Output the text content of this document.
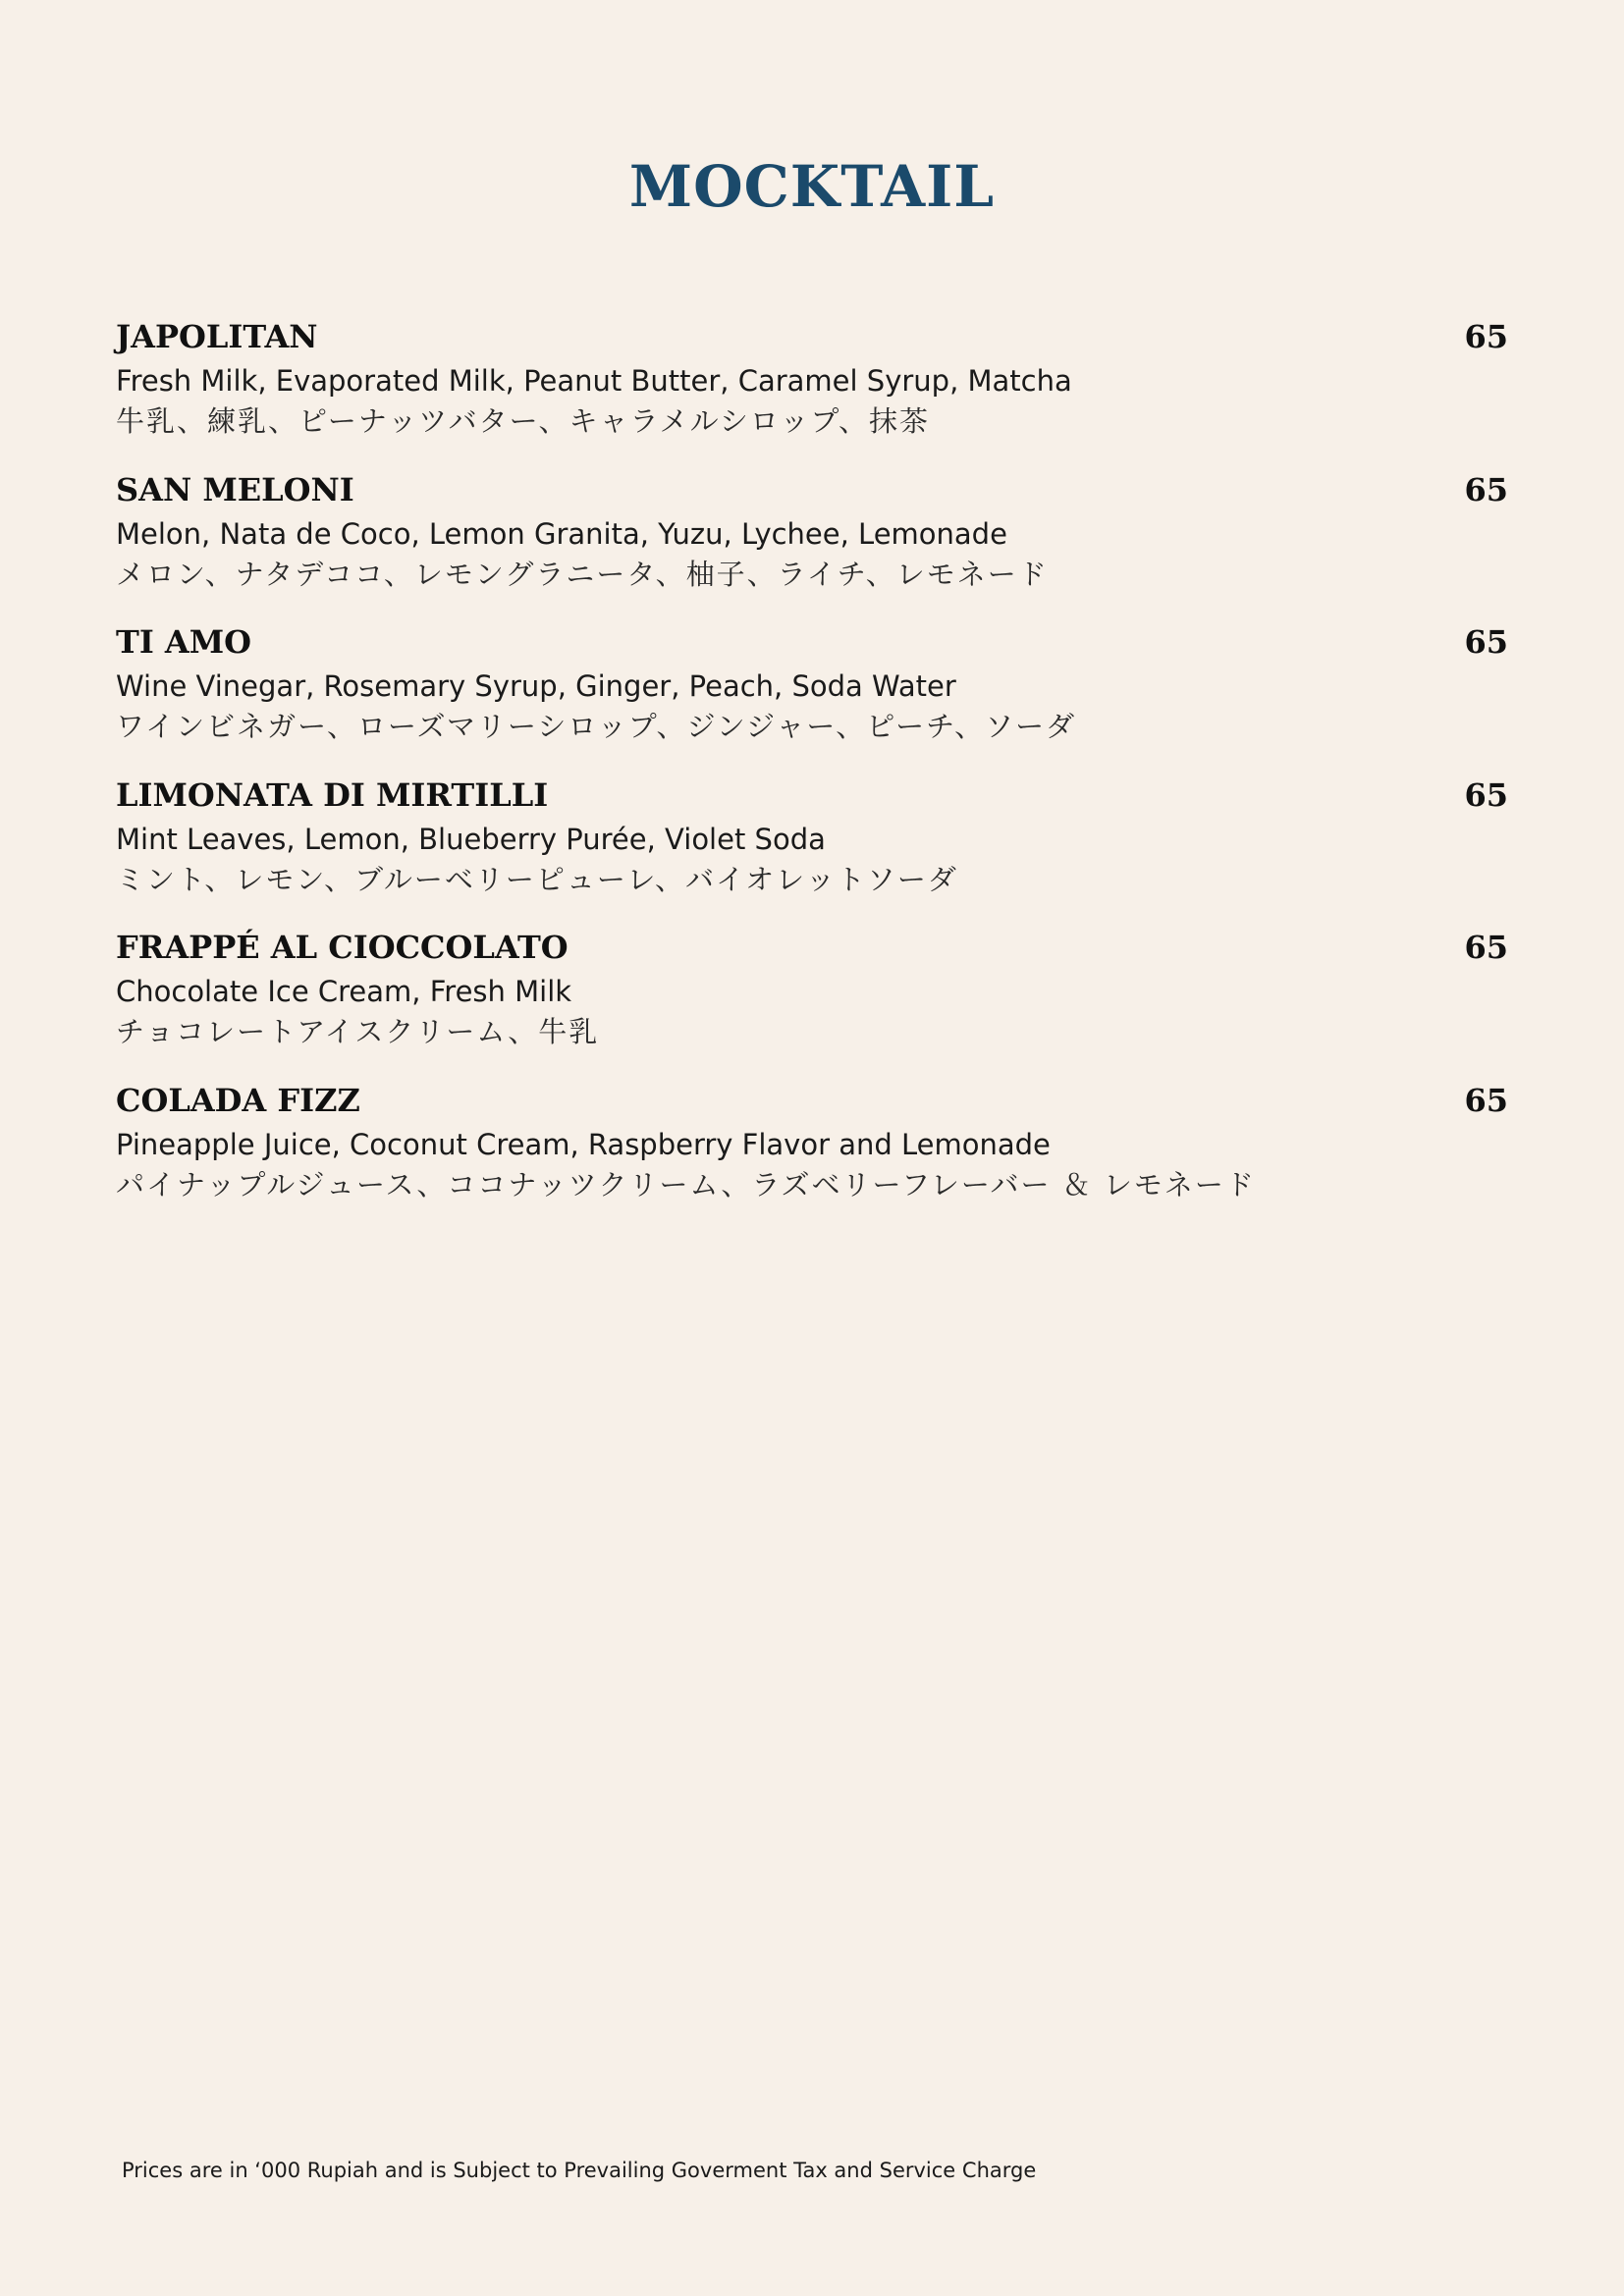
MOCKTAIL
JAPOLITAN	65
Fresh Milk, Evaporated Milk, Peanut Butter, Caramel Syrup, Matcha
牛乳、練乳、ピーナッツバター、キャラメルシロップ、抹茶
SAN MELONI	65
Melon, Nata de Coco, Lemon Granita, Yuzu, Lychee, Lemonade
メロン、ナタデココ、レモングラニータ、柚子、ライチ、レモネード
TI AMO	65
Wine Vinegar, Rosemary Syrup, Ginger, Peach, Soda Water
ワインビネガー、ローズマリーシロップ、ジンジャー、ピーチ、ソーダ
LIMONATA DI MIRTILLI	65
Mint Leaves, Lemon, Blueberry Purée, Violet Soda
ミント、レモン、ブルーベリーピューレ、バイオレットソーダ
FRAPPÉ AL CIOCCOLATO	65
Chocolate Ice Cream, Fresh Milk
チョコレートアイスクリーム、牛乳
COLADA FIZZ	65
Pineapple Juice, Coconut Cream, Raspberry Flavor and Lemonade
パイナップルジュース、ココナッツクリーム、ラズベリーフレーバー ＆ レモネード
Prices are in ‘000 Rupiah and is Subject to Prevailing Goverment Tax and Service Charge
